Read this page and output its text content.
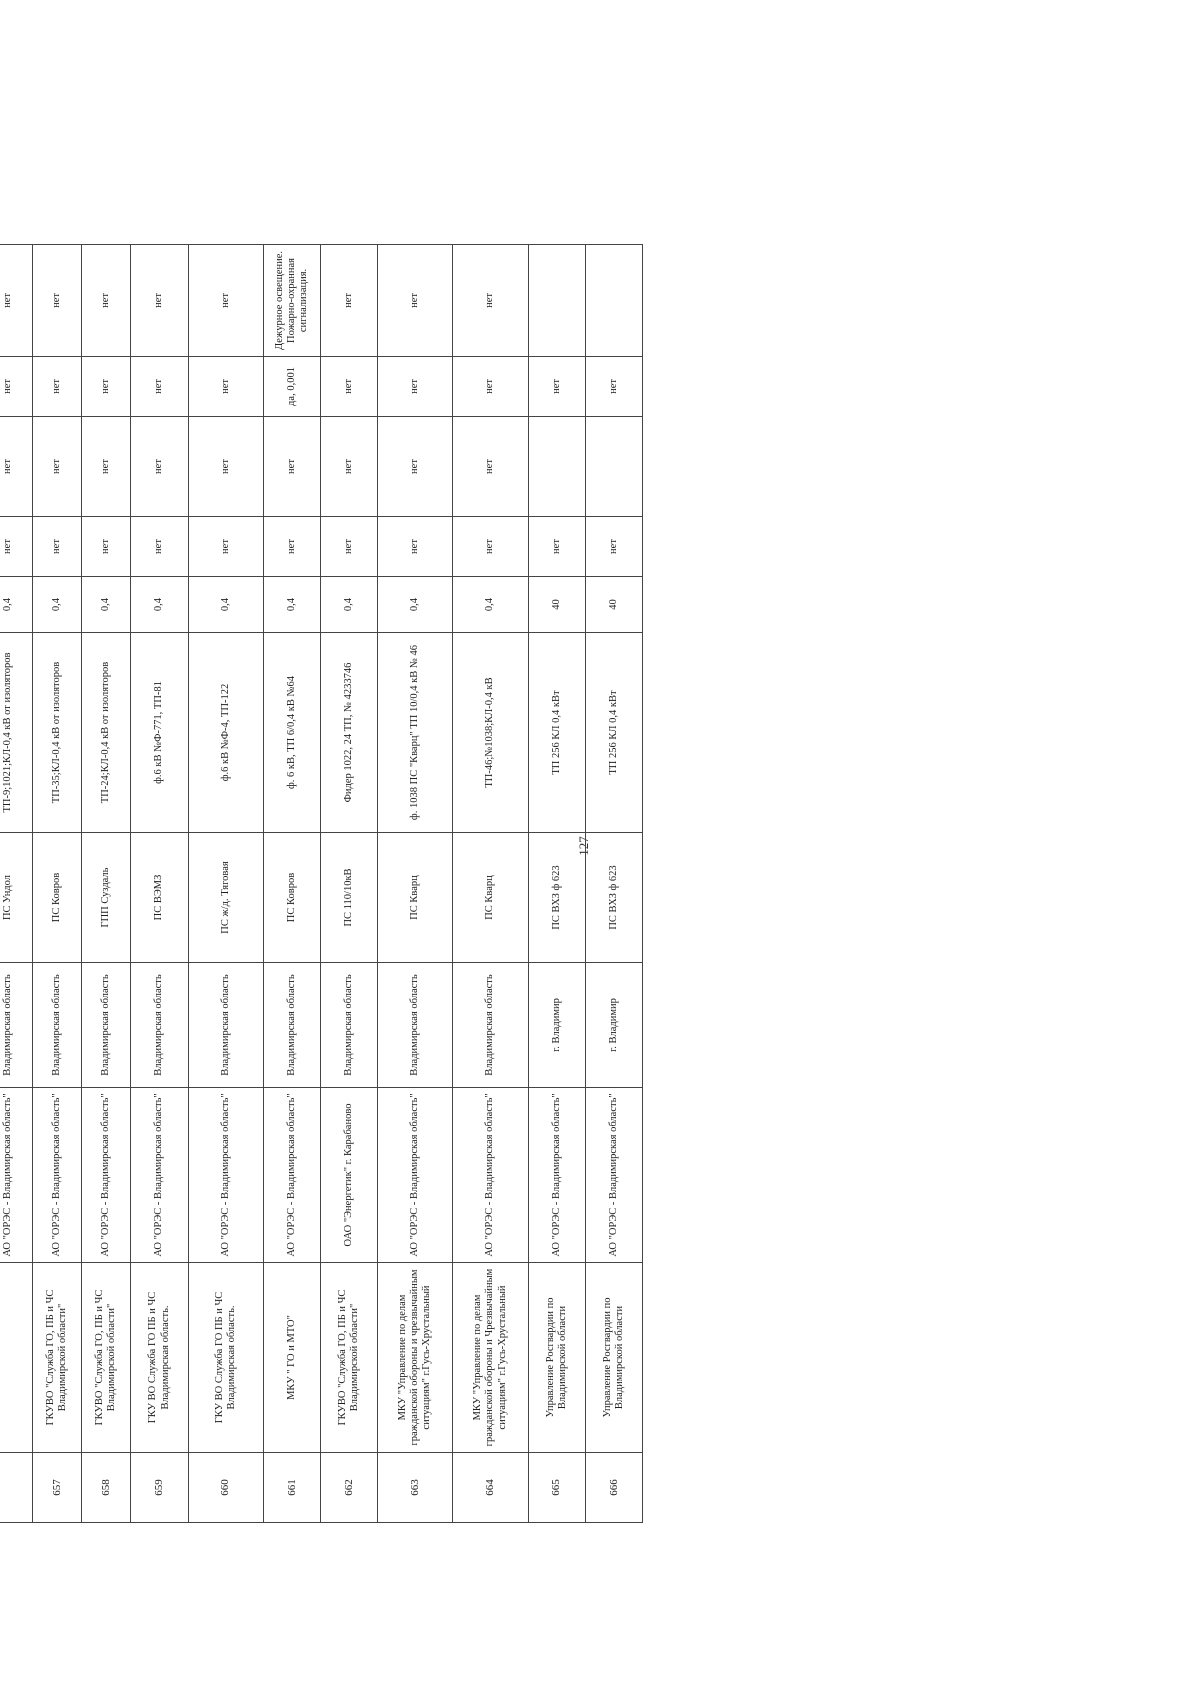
127

		АО "ОРЭС - Владимирская область"	Владимирская область	ПС Ундол	ТП-9;1021;КЛ-0,4 кВ от изоляторов	0,4	нет	нет	нет	нет
657	ГКУВО "Служба ГО, ПБ и ЧС Владимирской области"	АО "ОРЭС - Владимирская область"	Владимирская область	ПС Ковров	ТП-35;КЛ-0,4 кВ от изоляторов	0,4	нет	нет	нет	нет
658	ГКУВО "Служба ГО, ПБ и ЧС Владимирской области"	АО "ОРЭС - Владимирская область"	Владимирская область	ГПП Суздаль	ТП-24;КЛ-0,4 кВ от изоляторов	0,4	нет	нет	нет	нет
659	ГКУ ВО Служба ГО ПБ и ЧС Владимирская область.	АО "ОРЭС - Владимирская область"	Владимирская область	ПС ВЭМЗ	ф.6 кВ №Ф-771, ТП-81	0,4	нет	нет	нет	нет
660	ГКУ ВО Служба ГО ПБ и ЧС Владимирская область.	АО "ОРЭС - Владимирская область"	Владимирская область	ПС ж/д. Тяговая	ф.6 кВ №Ф-4, ТП-122	0,4	нет	нет	нет	нет
661	МКУ " ГО и МТО"	АО "ОРЭС - Владимирская область"	Владимирская область	ПС Ковров	ф. 6 кВ, ТП 6/0,4 кВ №64	0,4	нет	нет	да, 0,001	Дежурное освещение. Пожарно-охранная сигнализация.
662	ГКУВО "Служба ГО, ПБ и ЧС Владимирской области"	ОАО "Энергетик" г. Карабаново	Владимирская область	ПС 110/10кВ	Фидер 1022, 24 ТП, № 4233746	0,4	нет	нет	нет	нет
663	МКУ "Управление по делам гражданской обороны и чрезвычайным ситуациям" г.Гусь-Хрустальный	АО "ОРЭС - Владимирская область"	Владимирская область	ПС Кварц	ф. 1038 ПС "Кварц" ТП 10/0,4 кВ № 46	0,4	нет	нет	нет	нет
664	МКУ "Управление по делам гражданской обороны и Чрезвычайным ситуациям" г.Гусь-Хрустальный	АО "ОРЭС - Владимирская область"	Владимирская область	ПС Кварц	ТП-46;№1038;КЛ-0,4 кВ	0,4	нет	нет	нет	нет
665	Управление Росгвардии по Владимирской области	АО "ОРЭС - Владимирская область"	г. Владимир	ПС ВХЗ ф 623	ТП 256 КЛ 0,4 кВт	40	нет		нет	
666	Управление Росгвардии по Владимирской области	АО "ОРЭС - Владимирская область"	г. Владимир	ПС ВХЗ ф 623	ТП 256 КЛ 0,4 кВт	40	нет		нет	
